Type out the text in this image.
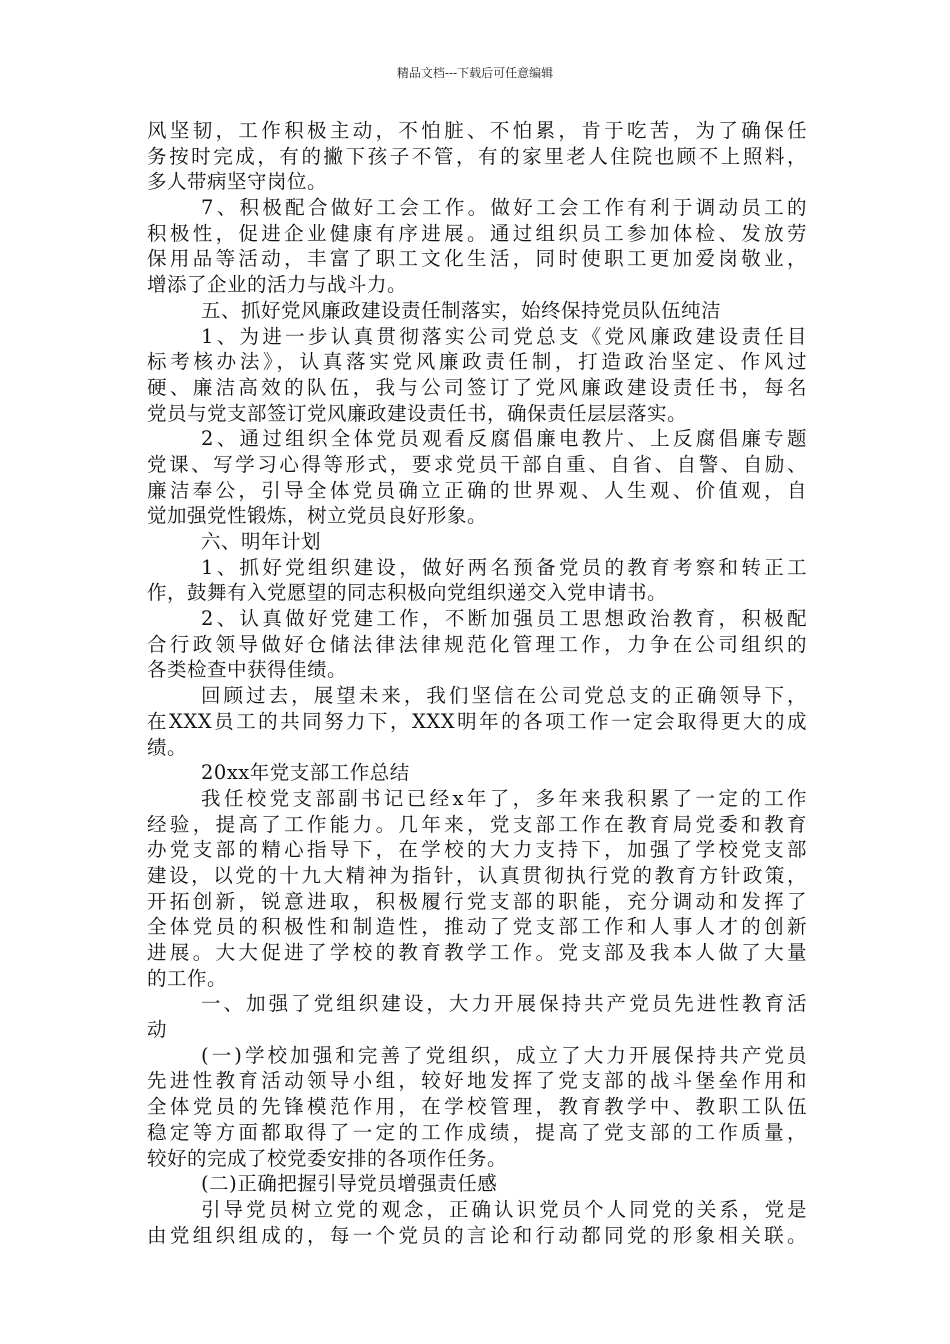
精品文档---下载后可任意编辑
风坚韧，工作积极主动，不怕脏、不怕累，肯于吃苦，为了确保任
务按时完成，有的撇下孩子不管，有的家里老人住院也顾不上照料，
多人带病坚守岗位。
7、积极配合做好工会工作。做好工会工作有利于调动员工的
积极性，促进企业健康有序进展。通过组织员工参加体检、发放劳
保用品等活动，丰富了职工文化生活，同时使职工更加爱岗敬业，
增添了企业的活力与战斗力。
五、抓好党风廉政建设责任制落实，始终保持党员队伍纯洁
1、为进一步认真贯彻落实公司党总支《党风廉政建设责任目
标考核办法》，认真落实党风廉政责任制，打造政治坚定、作风过
硬、廉洁高效的队伍，我与公司签订了党风廉政建设责任书，每名
党员与党支部签订党风廉政建设责任书，确保责任层层落实。
2、通过组织全体党员观看反腐倡廉电教片、上反腐倡廉专题
党课、写学习心得等形式，要求党员干部自重、自省、自警、自励、
廉洁奉公，引导全体党员确立正确的世界观、人生观、价值观，自
觉加强党性锻炼，树立党员良好形象。
六、明年计划
1、抓好党组织建设，做好两名预备党员的教育考察和转正工
作，鼓舞有入党愿望的同志积极向党组织递交入党申请书。
2、认真做好党建工作，不断加强员工思想政治教育，积极配
合行政领导做好仓储法律法律规范化管理工作，力争在公司组织的
各类检查中获得佳绩。
回顾过去，展望未来，我们坚信在公司党总支的正确领导下，
在XXX员工的共同努力下，XXX明年的各项工作一定会取得更大的成
绩。
20xx年党支部工作总结
我任校党支部副书记已经x年了，多年来我积累了一定的工作
经验，提高了工作能力。几年来，党支部工作在教育局党委和教育
办党支部的精心指导下，在学校的大力支持下，加强了学校党支部
建设，以党的十九大精神为指针，认真贯彻执行党的教育方针政策，
开拓创新，锐意进取，积极履行党支部的职能，充分调动和发挥了
全体党员的积极性和制造性，推动了党支部工作和人事人才的创新
进展。大大促进了学校的教育教学工作。党支部及我本人做了大量
的工作。
一、加强了党组织建设，大力开展保持共产党员先进性教育活
动
(一)学校加强和完善了党组织，成立了大力开展保持共产党员
先进性教育活动领导小组，较好地发挥了党支部的战斗堡垒作用和
全体党员的先锋模范作用，在学校管理，教育教学中、教职工队伍
稳定等方面都取得了一定的工作成绩，提高了党支部的工作质量，
较好的完成了校党委安排的各项作任务。
(二)正确把握引导党员增强责任感
引导党员树立党的观念，正确认识党员个人同党的关系，党是
由党组织组成的，每一个党员的言论和行动都同党的形象相关联。
